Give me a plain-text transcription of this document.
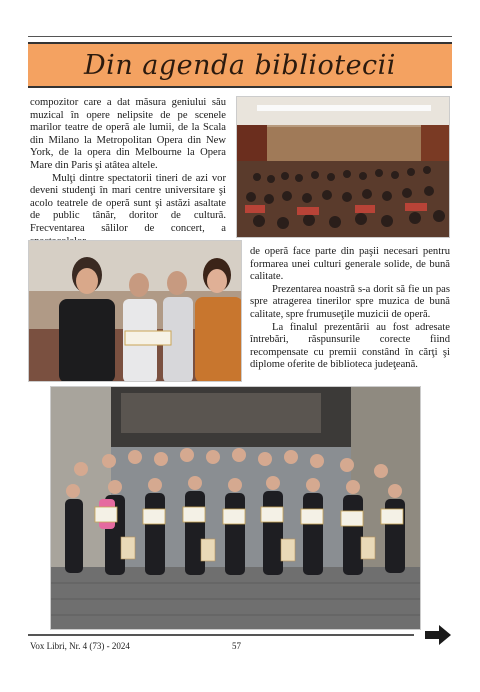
Din agenda bibliotecii

compozitor care a dat măsura geniului său muzical în opere nelipsite de pe scenele marilor teatre de operă ale lumii, de la Scala din Milano la Metropolitan Opera din New York, de la opera din Melbourne la Opera Mare din Paris şi atâtea altele.

Mulţi dintre spectatorii tineri de azi vor deveni studenţi în mari centre universitare şi acolo teatrele de operă sunt şi astăzi asaltate de public tânăr, doritor de cultură. Frecventarea sălilor de concert, a

de operă face parte din paşii necesari pentru formarea unei culturi generale solide, de bună calitate.

Prezentarea noastră s-a dorit să fie un pas spre atragerea tinerilor spre muzica de bună calitate, spre frumuseţile muzicii de operă.

La finalul prezentării au fost adresate întrebări, răspunsurile corecte fiind recompensate cu premii constând în cărţi şi diplome oferite de biblioteca judeţeană.

Vox Libri, Nr. 4 (73) - 2024	57
